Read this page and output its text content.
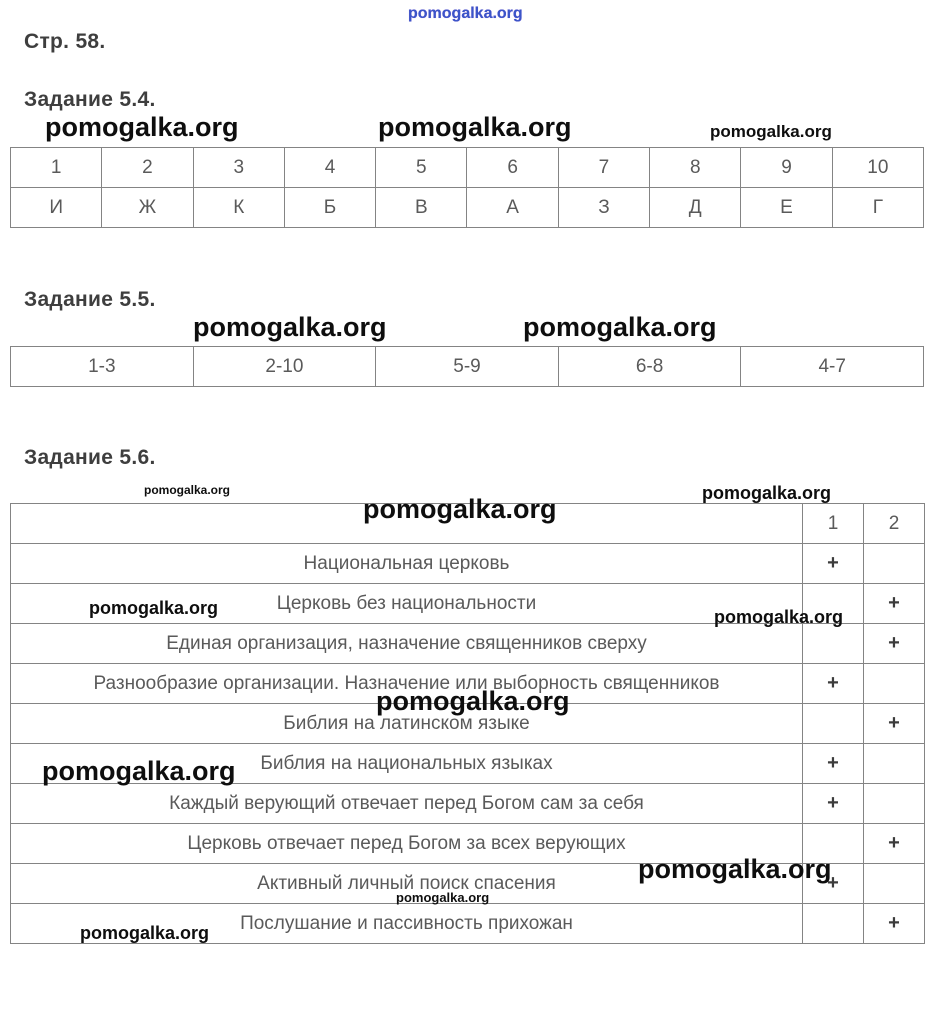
Стр. 58.
Задание 5.4.
1	2	3	4	5	6	7	8	9	10
И	Ж	К	Б	В	А	З	Д	Е	Г
Задание 5.5.
1-3	2-10	5-9	6-8	4-7
Задание 5.6.
	1	2
Национальная церковь	+	
Церковь без национальности		+
Единая организация, назначение священников сверху		+
Разнообразие организации. Назначение или выборность священников	+	
Библия на латинском языке		+
Библия на национальных языках	+	
Каждый верующий отвечает перед Богом сам за себя	+	
Церковь отвечает перед Богом за всех верующих		+
Активный личный поиск спасения	+	
Послушание и пассивность прихожан		+
pomogalka.org
pomogalka.org	pomogalka.org	pomogalka.org
pomogalka.org	pomogalka.org
pomogalka.org	pomogalka.org
pomogalka.org
pomogalka.org	pomogalka.org
pomogalka.org
pomogalka.org
pomogalka.org
pomogalka.org
pomogalka.org
